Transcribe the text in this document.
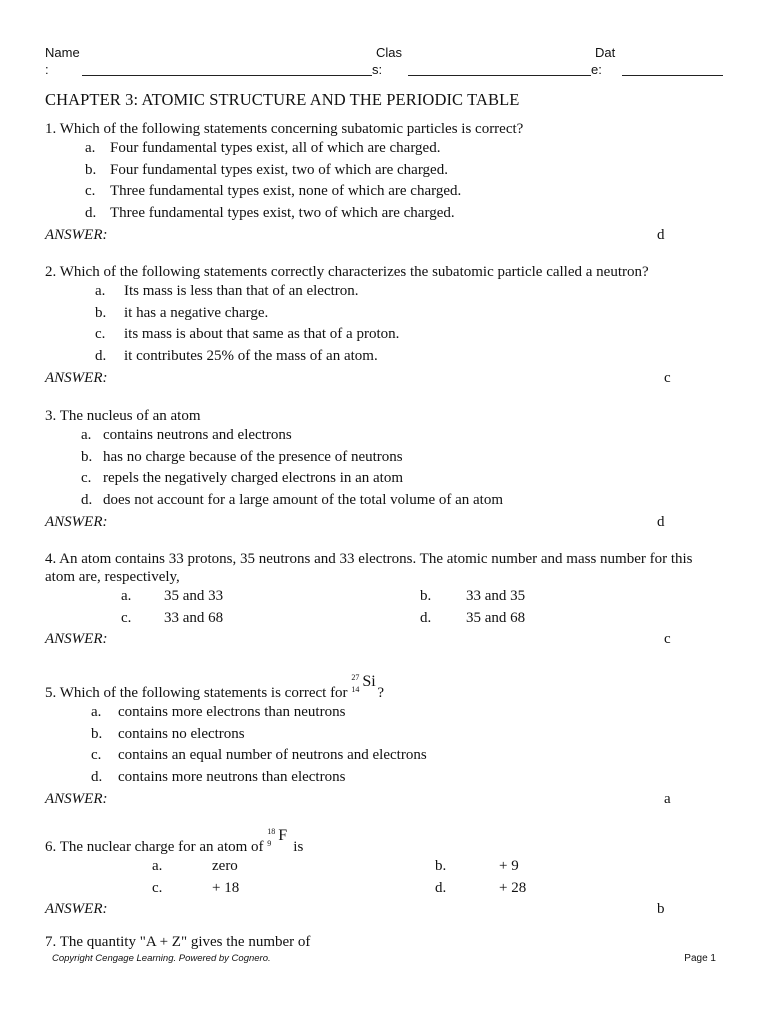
Name
:
Clas
s:
Dat
e:
CHAPTER 3: ATOMIC STRUCTURE AND THE PERIODIC TABLE
1. Which of the following statements concerning subatomic particles is correct?
a. Four fundamental types exist, all of which are charged.
b. Four fundamental types exist, two of which are charged.
c. Three fundamental types exist, none of which are charged.
d. Three fundamental types exist, two of which are charged.
ANSWER:	d
2. Which of the following statements correctly characterizes the subatomic particle called a neutron?
a. Its mass is less than that of an electron.
b. it has a negative charge.
c. its mass is about that same as that of a proton.
d. it contributes 25% of the mass of an atom.
ANSWER:	c
3. The nucleus of an atom
a. contains neutrons and electrons
b. has no charge because of the presence of neutrons
c. repels the negatively charged electrons in an atom
d. does not account for a large amount of the total volume of an atom
ANSWER:	d
4. An atom contains 33 protons, 35 neutrons and 33 electrons. The atomic number and mass number for this atom are, respectively,
a. 35 and 33	b. 33 and 35
c. 33 and 68	d. 35 and 68
ANSWER:	c
5. Which of the following statements is correct for
27
14 Si
?
a. contains more electrons than neutrons
b. contains no electrons
c. contains an equal number of neutrons and electrons
d. contains more neutrons than electrons
ANSWER:	a
6. The nuclear charge for an atom of
18
9 F
is
a.	zero	b.	+ 9
c.	+ 18	d.	+ 28
ANSWER:	b
7. The quantity "A + Z" gives the number of
Copyright Cengage Learning. Powered by Cognero.	Page 1
